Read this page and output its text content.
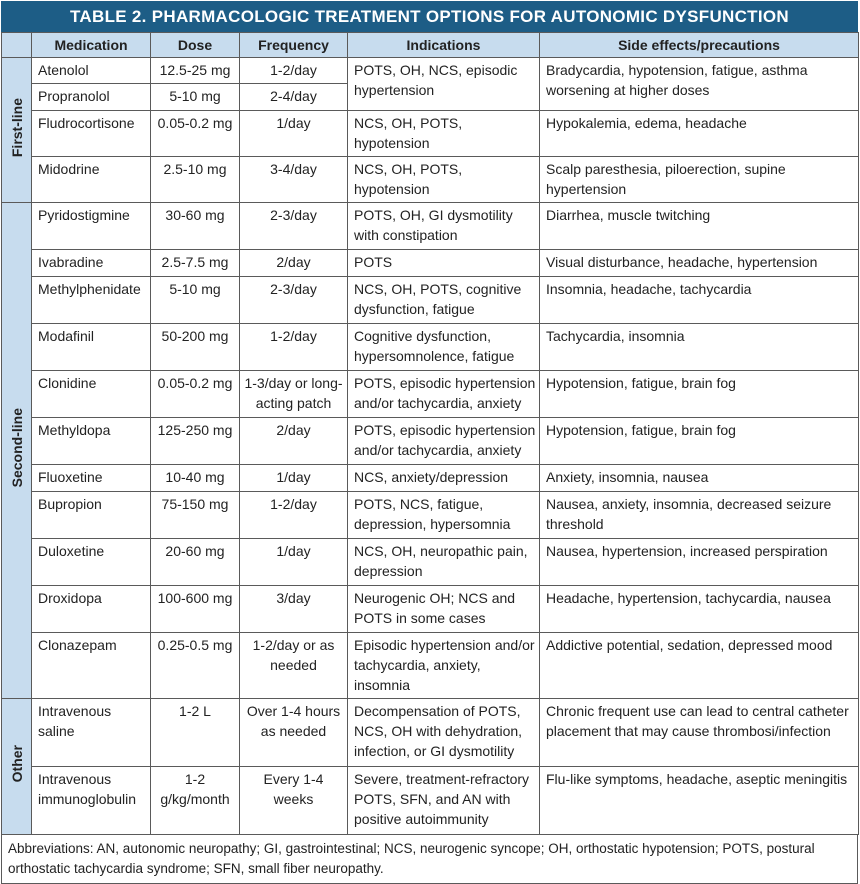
TABLE 2. PHARMACOLOGIC TREATMENT OPTIONS FOR AUTONOMIC DYSFUNCTION
	Medication	Dose	Frequency	Indications	Side effects/precautions
First-line	Atenolol	12.5-25 mg	1-2/day	POTS, OH, NCS, episodic hypertension	Bradycardia, hypotension, fatigue, asthma worsening at higher doses
	Propranolol	5-10 mg	2-4/day		
	Fludrocortisone	0.05-0.2 mg	1/day	NCS, OH, POTS, hypotension	Hypokalemia, edema, headache
	Midodrine	2.5-10 mg	3-4/day	NCS, OH, POTS, hypotension	Scalp paresthesia, piloerection, supine hypertension
Second-line	Pyridostigmine	30-60 mg	2-3/day	POTS, OH, GI dysmotility with constipation	Diarrhea, muscle twitching
	Ivabradine	2.5-7.5 mg	2/day	POTS	Visual disturbance, headache, hypertension
	Methylphenidate	5-10 mg	2-3/day	NCS, OH, POTS, cognitive dysfunction, fatigue	Insomnia, headache, tachycardia
	Modafinil	50-200 mg	1-2/day	Cognitive dysfunction, hypersomnolence, fatigue	Tachycardia, insomnia
	Clonidine	0.05-0.2 mg	1-3/day or long-acting patch	POTS, episodic hypertension and/or tachycardia, anxiety	Hypotension, fatigue, brain fog
	Methyldopa	125-250 mg	2/day	POTS, episodic hypertension and/or tachycardia, anxiety	Hypotension, fatigue, brain fog
	Fluoxetine	10-40 mg	1/day	NCS, anxiety/depression	Anxiety, insomnia, nausea
	Bupropion	75-150 mg	1-2/day	POTS, NCS, fatigue, depression, hypersomnia	Nausea, anxiety, insomnia, decreased seizure threshold
	Duloxetine	20-60 mg	1/day	NCS, OH, neuropathic pain, depression	Nausea, hypertension, increased perspiration
	Droxidopa	100-600 mg	3/day	Neurogenic OH; NCS and POTS in some cases	Headache, hypertension, tachycardia, nausea
	Clonazepam	0.25-0.5 mg	1-2/day or as needed	Episodic hypertension and/or tachycardia, anxiety, insomnia	Addictive potential, sedation, depressed mood
Other	Intravenous saline	1-2 L	Over 1-4 hours as needed	Decompensation of POTS, NCS, OH with dehydration, infection, or GI dysmotility	Chronic frequent use can lead to central catheter placement that may cause thrombosi/infection
	Intravenous immunoglobulin	1-2 g/kg/month	Every 1-4 weeks	Severe, treatment-refractory POTS, SFN, and AN with positive autoimmunity	Flu-like symptoms, headache, aseptic meningitis
Abbreviations: AN, autonomic neuropathy; GI, gastrointestinal; NCS, neurogenic syncope; OH, orthostatic hypotension; POTS, postural orthostatic tachycardia syndrome; SFN, small fiber neuropathy.
